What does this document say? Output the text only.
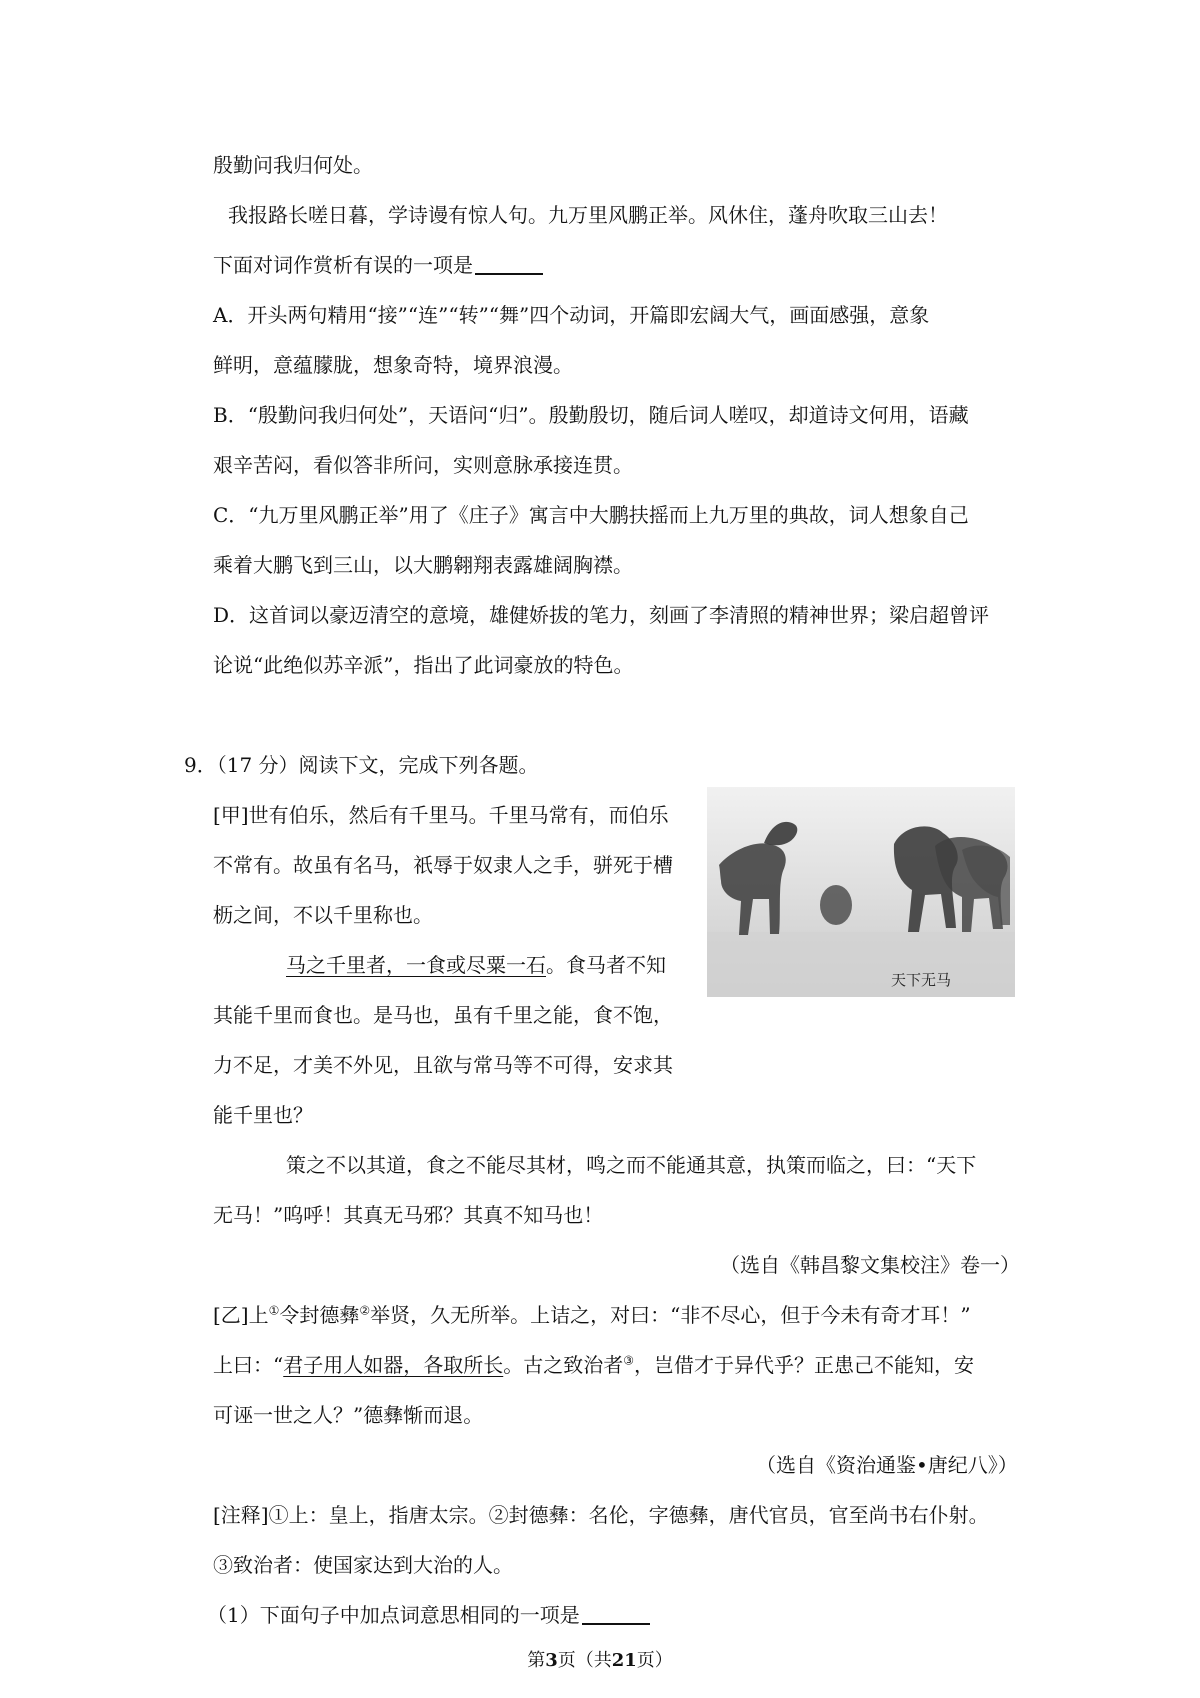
殷勤问我归何处。
我报路长嗟日暮，学诗谩有惊人句。九万里风鹏正举。风休住，蓬舟吹取三山去！
下面对词作赏析有误的一项是
A．开头两句精用“接”“连”“转”“舞”四个动词，开篇即宏阔大气，画面感强，意象
鲜明，意蕴朦胧，想象奇特，境界浪漫。
B．“殷勤问我归何处”，天语问“归”。殷勤殷切，随后词人嗟叹，却道诗文何用，语藏
艰辛苦闷，看似答非所问，实则意脉承接连贯。
C．“九万里风鹏正举”用了《庄子》寓言中大鹏扶摇而上九万里的典故，词人想象自己
乘着大鹏飞到三山，以大鹏翱翔表露雄阔胸襟。
D．这首词以豪迈清空的意境，雄健娇拔的笔力，刻画了李清照的精神世界；梁启超曾评
论说“此绝似苏辛派”，指出了此词豪放的特色。
9．（17 分）阅读下文，完成下列各题。
[甲]世有伯乐，然后有千里马。千里马常有，而伯乐
不常有。故虽有名马，祇辱于奴隶人之手，骈死于槽
枥之间，不以千里称也。
马之千里者，一食或尽粟一石。食马者不知
其能千里而食也。是马也，虽有千里之能，食不饱，
力不足，才美不外见，且欲与常马等不可得，安求其
能千里也？
策之不以其道，食之不能尽其材，鸣之而不能通其意，执策而临之，曰：“天下
无马！”呜呼！其真无马邪？其真不知马也！
（选自《韩昌黎文集校注》卷一）
[乙]上①令封德彝②举贤，久无所举。上诘之，对曰：“非不尽心，但于今未有奇才耳！”
上曰：“君子用人如器，各取所长。古之致治者③，岂借才于异代乎？正患己不能知，安
可诬一世之人？”德彝惭而退。
（选自《资治通鉴•唐纪八》）
[注释]①上：皇上，指唐太宗。②封德彝：名伦，字德彝，唐代官员，官至尚书右仆射。
③致治者：使国家达到大治的人。
（1）下面句子中加点词意思相同的一项是
天下无马
第3页（共21页）
